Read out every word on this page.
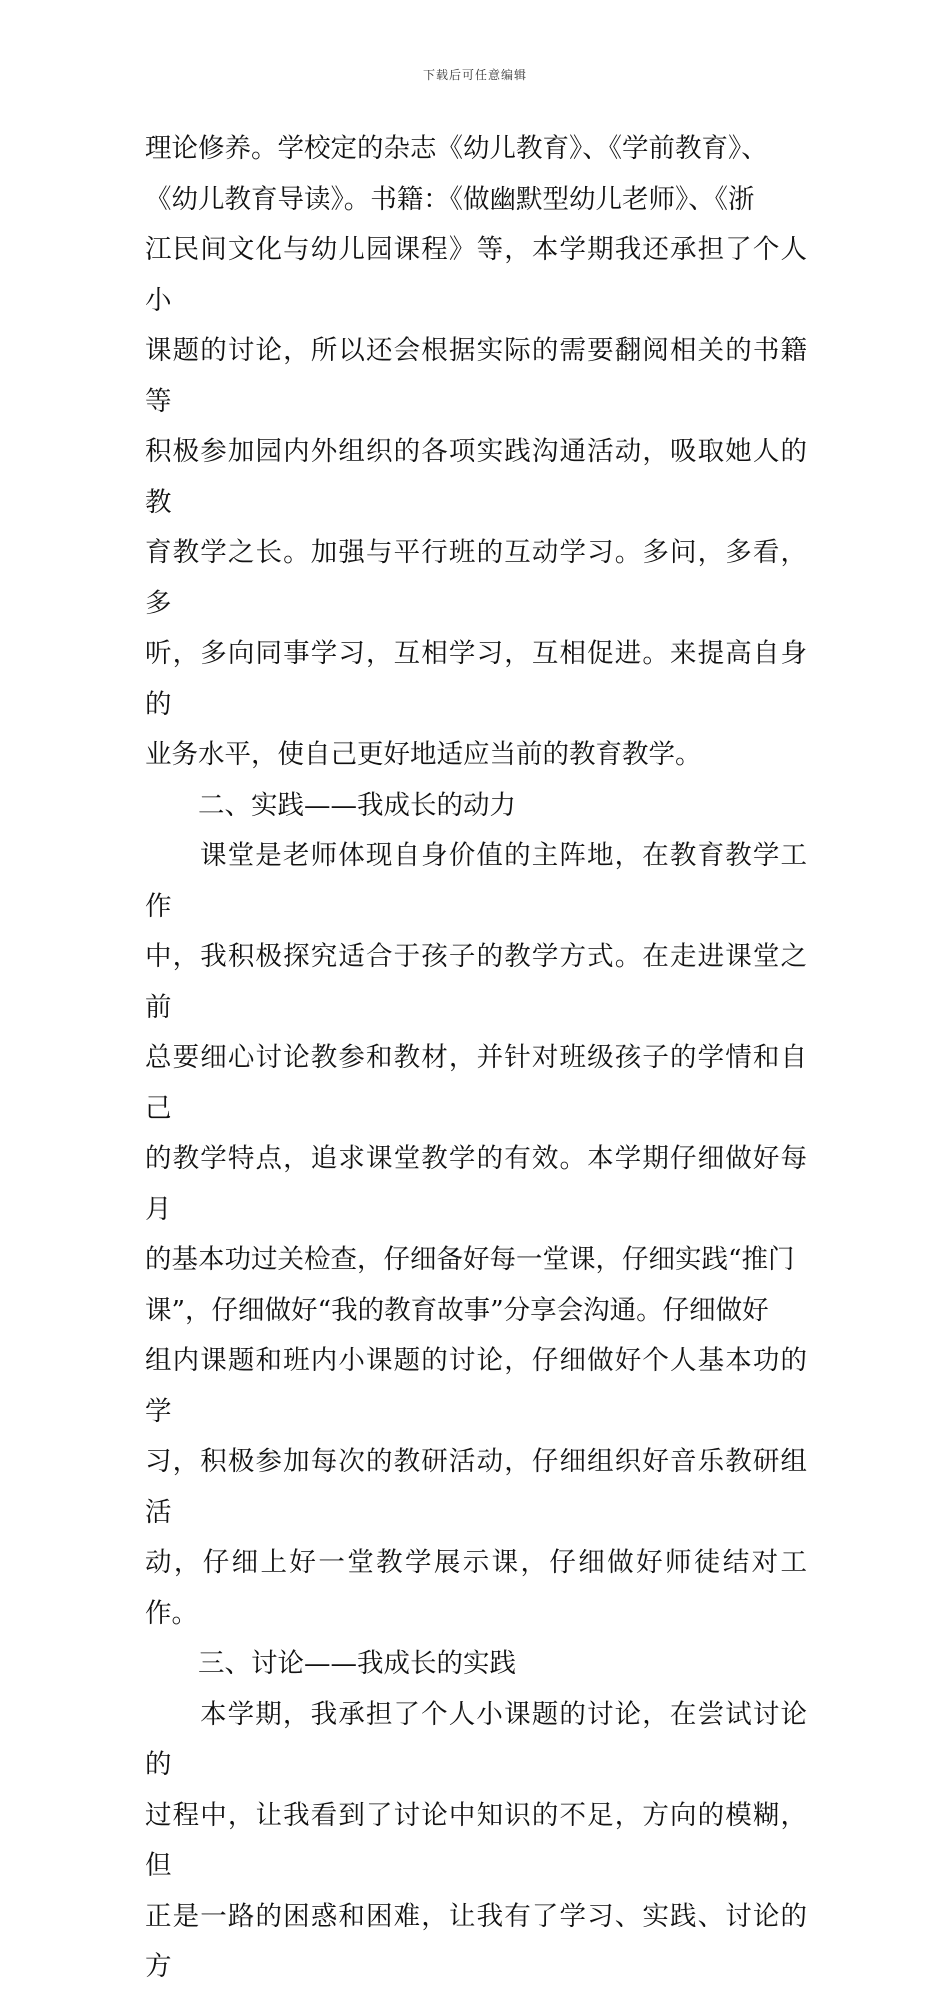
下载后可任意编辑
理论修养。学校定的杂志《幼儿教育》、《学前教育》、
《幼儿教育导读》。书籍：《做幽默型幼儿老师》、《浙
江民间文化与幼儿园课程》等，本学期我还承担了个人小
课题的讨论，所以还会根据实际的需要翻阅相关的书籍等
积极参加园内外组织的各项实践沟通活动，吸取她人的教
育教学之长。加强与平行班的互动学习。多问，多看，多
听，多向同事学习，互相学习，互相促进。来提高自身的
业务水平，使自己更好地适应当前的教育教学。
二、实践——我成长的动力
课堂是老师体现自身价值的主阵地，在教育教学工作
中，我积极探究适合于孩子的教学方式。在走进课堂之前
总要细心讨论教参和教材，并针对班级孩子的学情和自己
的教学特点，追求课堂教学的有效。本学期仔细做好每月
的基本功过关检查，仔细备好每一堂课，仔细实践“推门
课”，仔细做好“我的教育故事”分享会沟通。仔细做好
组内课题和班内小课题的讨论，仔细做好个人基本功的学
习，积极参加每次的教研活动，仔细组织好音乐教研组活
动，仔细上好一堂教学展示课，仔细做好师徒结对工作。
三、讨论——我成长的实践
本学期，我承担了个人小课题的讨论，在尝试讨论的
过程中，让我看到了讨论中知识的不足，方向的模糊，但
正是一路的困惑和困难，让我有了学习、实践、讨论的方
